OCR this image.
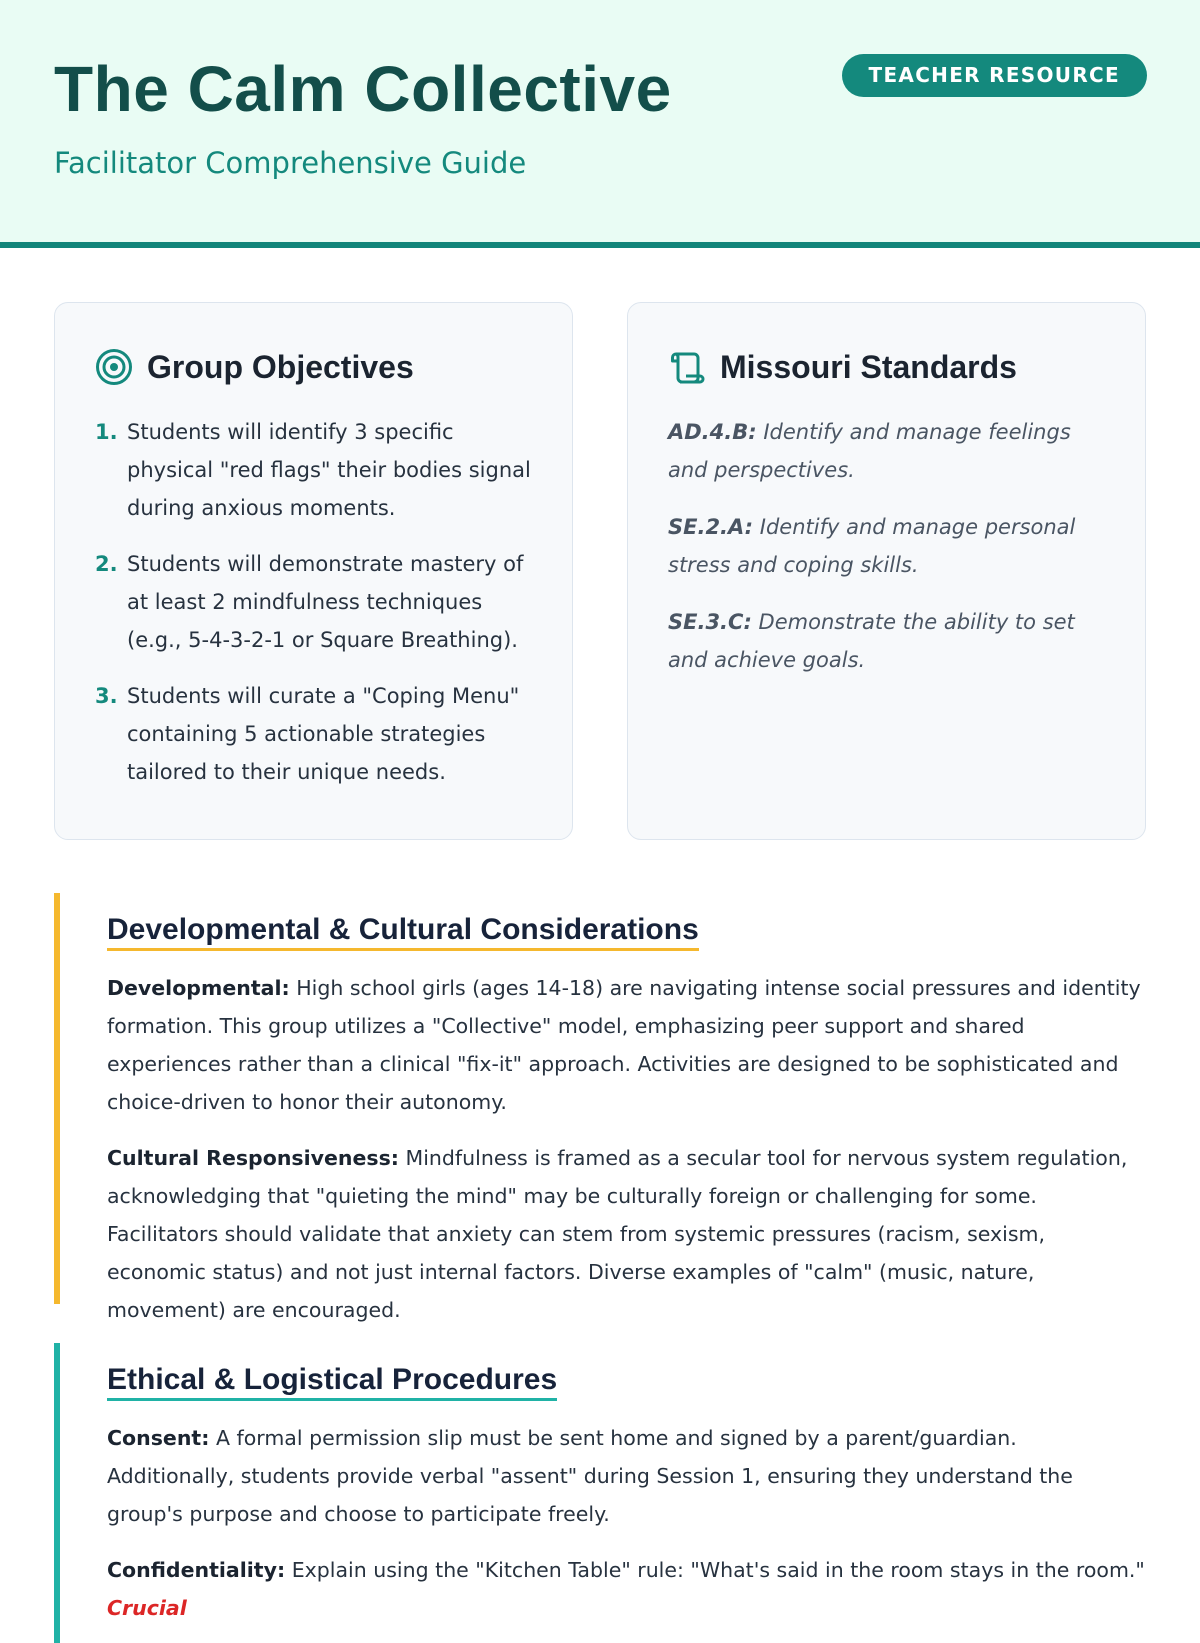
The Calm Collective
Facilitator Comprehensive Guide
TEACHER RESOURCE
Group Objectives
1. Students will identify 3 specific physical "red flags" their bodies signal during anxious moments.
2. Students will demonstrate mastery of at least 2 mindfulness techniques (e.g., 5-4-3-2-1 or Square Breathing).
3. Students will curate a "Coping Menu" containing 5 actionable strategies tailored to their unique needs.
Missouri Standards

AD.4.B: Identify and manage feelings and perspectives.

SE.2.A: Identify and manage personal stress and coping skills.

SE.3.C: Demonstrate the ability to set and achieve goals.

Developmental & Cultural Considerations

Developmental: High school girls (ages 14-18) are navigating intense social pressures and identity formation. This group utilizes a "Collective" model, emphasizing peer support and shared experiences rather than a clinical "fix-it" approach. Activities are designed to be sophisticated and choice-driven to honor their autonomy.

Cultural Responsiveness: Mindfulness is framed as a secular tool for nervous system regulation, acknowledging that "quieting the mind" may be culturally foreign or challenging for some. Facilitators should validate that anxiety can stem from systemic pressures (racism, sexism, economic status) and not just internal factors. Diverse examples of "calm" (music, nature, movement) are encouraged.

Ethical & Logistical Procedures

Consent: A formal permission slip must be sent home and signed by a parent/guardian. Additionally, students provide verbal "assent" during Session 1, ensuring they understand the group's purpose and choose to participate freely.

Confidentiality: Explain using the "Kitchen Table" rule: "What's said in the room stays in the room." Crucial
